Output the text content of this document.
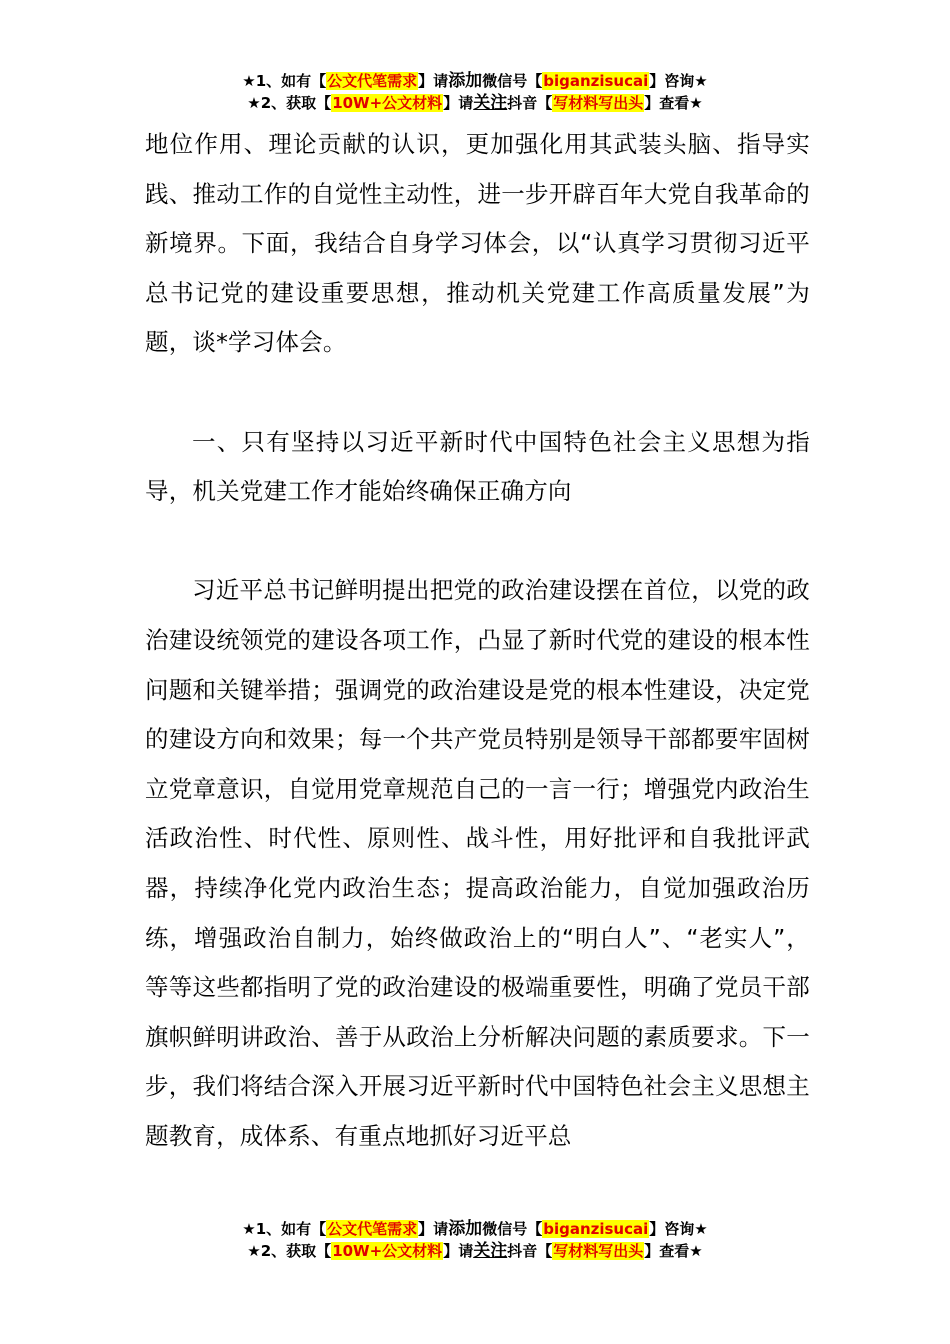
★1、如有【公文代笔需求】请添加微信号【biganzisucai】咨询★
★2、获取【10W+公文材料】请关注抖音【写材料写出头】查看★

地位作用、理论贡献的认识，更加强化用其武装头脑、指导实践、推动工作的自觉性主动性，进一步开辟百年大党自我革命的新境界。下面，我结合自身学习体会，以“认真学习贯彻习近平总书记党的建设重要思想，推动机关党建工作高质量发展”为题，谈*学习体会。

一、只有坚持以习近平新时代中国特色社会主义思想为指导，机关党建工作才能始终确保正确方向

习近平总书记鲜明提出把党的政治建设摆在首位，以党的政治建设统领党的建设各项工作，凸显了新时代党的建设的根本性问题和关键举措；强调党的政治建设是党的根本性建设，决定党的建设方向和效果；每一个共产党员特别是领导干部都要牢固树立党章意识，自觉用党章规范自己的一言一行；增强党内政治生活政治性、时代性、原则性、战斗性，用好批评和自我批评武器，持续净化党内政治生态；提高政治能力，自觉加强政治历练，增强政治自制力，始终做政治上的“明白人”、“老实人”，等等这些都指明了党的政治建设的极端重要性，明确了党员干部旗帜鲜明讲政治、善于从政治上分析解决问题的素质要求。下一步，我们将结合深入开展习近平新时代中国特色社会主义思想主题教育，成体系、有重点地抓好习近平总

★1、如有【公文代笔需求】请添加微信号【biganzisucai】咨询★
★2、获取【10W+公文材料】请关注抖音【写材料写出头】查看★
